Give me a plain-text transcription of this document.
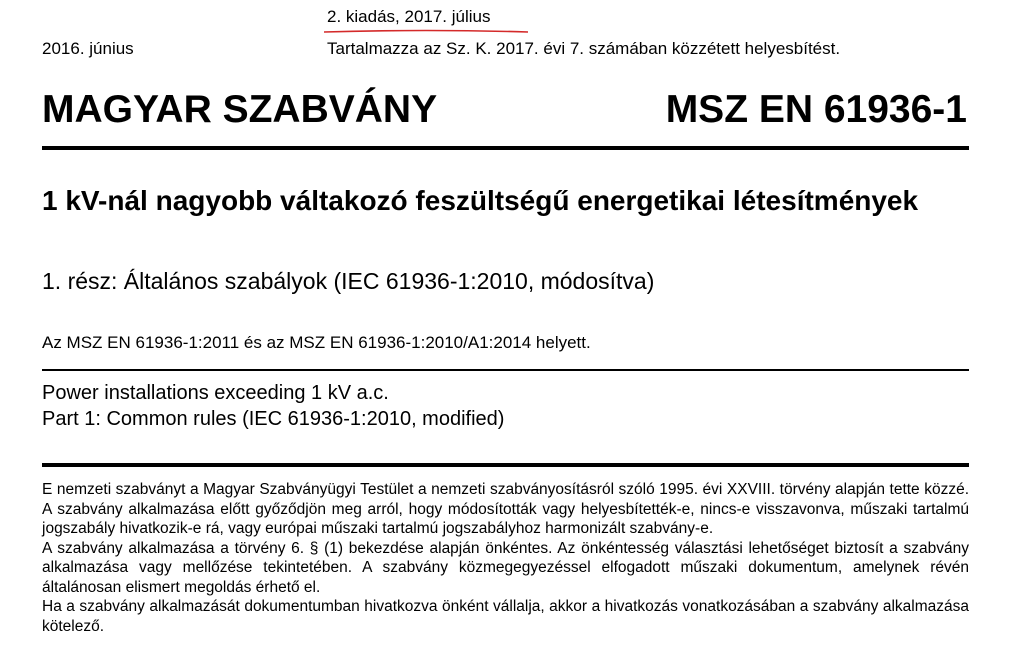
2. kiadás, 2017. július
2016. június	Tartalmazza az Sz. K. 2017. évi 7. számában közzétett helyesbítést.
MAGYAR SZABVÁNY	MSZ EN 61936-1
1 kV-nál nagyobb váltakozó feszültségű energetikai létesítmények
1. rész: Általános szabályok (IEC 61936-1:2010, módosítva)
Az MSZ EN 61936-1:2011 és az MSZ EN 61936-1:2010/A1:2014 helyett.
Power installations exceeding 1 kV a.c.
Part 1: Common rules (IEC 61936-1:2010, modified)

E nemzeti szabványt a Magyar Szabványügyi Testület a nemzeti szabványosításról szóló 1995. évi XXVIII. törvény alapján tette közzé. A szabvány alkalmazása előtt győződjön meg arról, hogy módosították vagy helyesbítették-e, nincs-e visszavonva, műszaki tartalmú jogszabály hivatkozik-e rá, vagy európai műszaki tartalmú jogszabályhoz harmonizált szabvány-e.

A szabvány alkalmazása a törvény 6. § (1) bekezdése alapján önkéntes. Az önkéntesség választási lehetőséget biztosít a szabvány alkalmazása vagy mellőzése tekintetében. A szabvány közmegegyezéssel elfogadott műszaki dokumentum, amelynek révén általánosan elismert megoldás érhető el.

Ha a szabvány alkalmazását dokumentumban hivatkozva önként vállalja, akkor a hivatkozás vonatkozásában a szabvány alkalmazása kötelező.
